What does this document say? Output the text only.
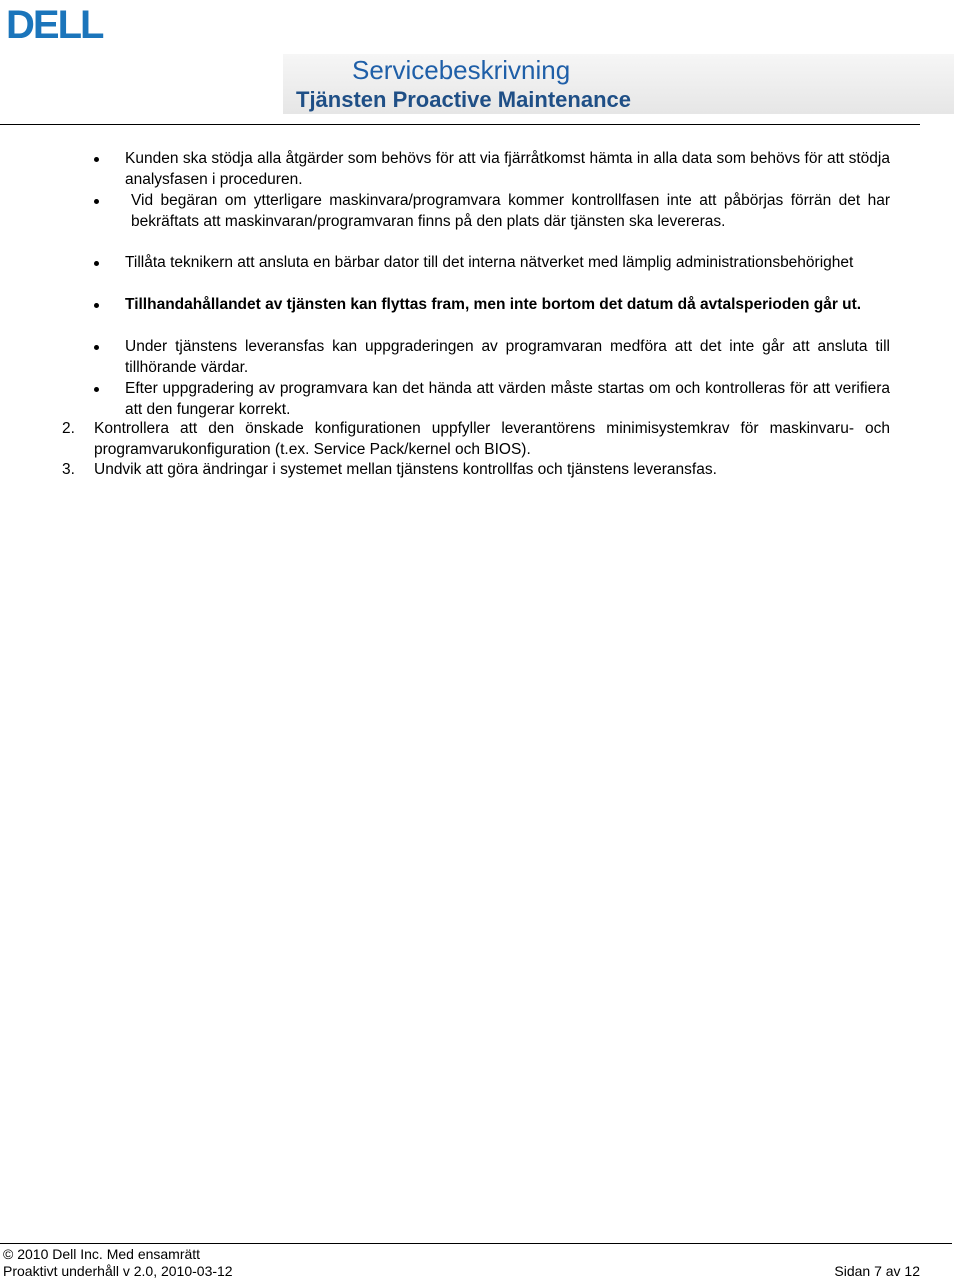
DELL
Servicebeskrivning
Tjänsten Proactive Maintenance
Kunden ska stödja alla åtgärder som behövs för att via fjärråtkomst hämta in alla data som behövs för att stödja analysfasen i proceduren.
Vid begäran om ytterligare maskinvara/programvara kommer kontrollfasen inte att påbörjas förrän det har bekräftats att maskinvaran/programvaran finns på den plats där tjänsten ska levereras.
Tillåta teknikern att ansluta en bärbar dator till det interna nätverket med lämplig administrationsbehörighet
Tillhandahållandet av tjänsten kan flyttas fram, men inte bortom det datum då avtalsperioden går ut.
Under tjänstens leveransfas kan uppgraderingen av programvaran medföra att det inte går att ansluta till tillhörande värdar.
Efter uppgradering av programvara kan det hända att värden måste startas om och kontrolleras för att verifiera att den fungerar korrekt.
2.	Kontrollera att den önskade konfigurationen uppfyller leverantörens minimisystemkrav för maskinvaru- och programvarukonfiguration (t.ex. Service Pack/kernel och BIOS).
3.	Undvik att göra ändringar i systemet mellan tjänstens kontrollfas och tjänstens leveransfas.
© 2010 Dell Inc. Med ensamrätt
Proaktivt underhåll v 2.0, 2010-03-12	Sidan 7 av 12
